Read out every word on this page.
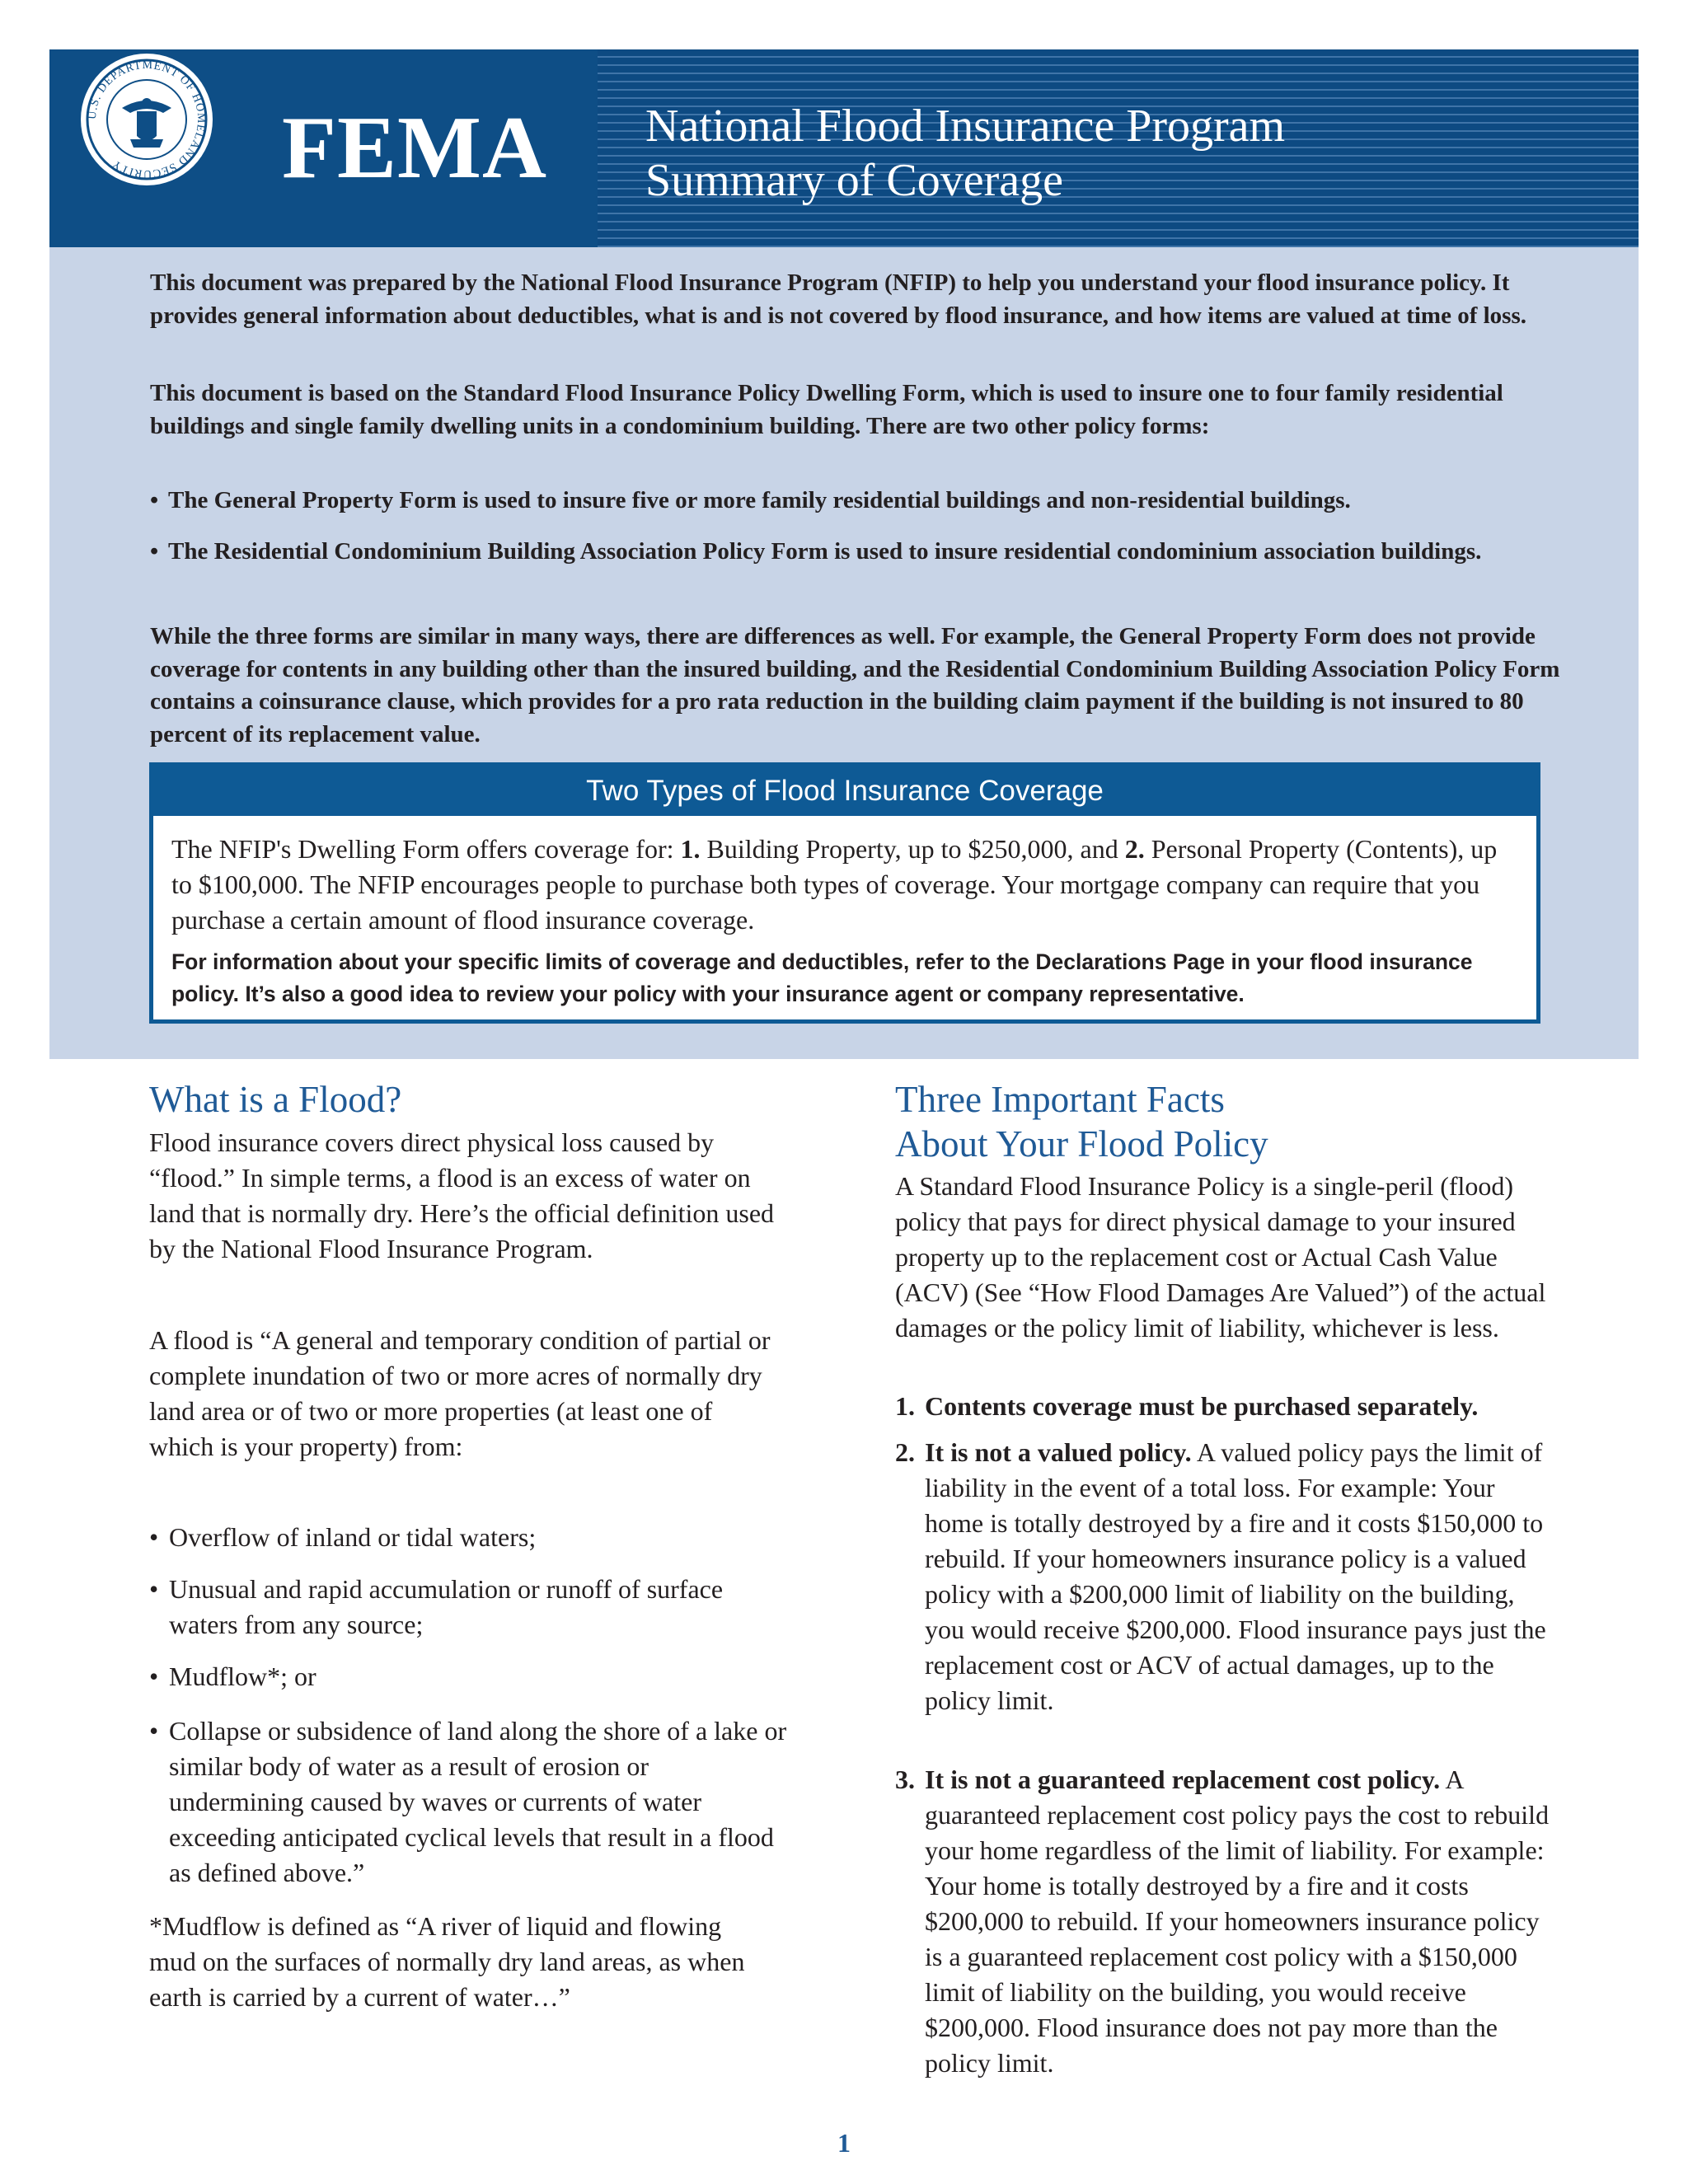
U.S. DEPARTMENT OF HOMELAND SECURITY	FEMA National Flood Insurance Program
Summary of Coverage

This document was prepared by the National Flood Insurance Program (NFIP) to help you understand your flood insurance policy. It provides general information about deductibles, what is and is not covered by flood insurance, and how items are valued at time of loss.

This document is based on the Standard Flood Insurance Policy Dwelling Form, which is used to insure one to four family residential buildings and single family dwelling units in a condominium building. There are two other policy forms:

• The General Property Form is used to insure five or more family residential buildings and non-residential buildings.
• The Residential Condominium Building Association Policy Form is used to insure residential condominium association buildings.

While the three forms are similar in many ways, there are differences as well. For example, the General Property Form does not provide coverage for contents in any building other than the insured building, and the Residential Condominium Building Association Policy Form contains a coinsurance clause, which provides for a pro rata reduction in the building claim payment if the building is not insured to 80 percent of its replacement value.

Two Types of Flood Insurance Coverage
The NFIP's Dwelling Form offers coverage for: 1. Building Property, up to $250,000, and 2. Personal Property (Contents), up to $100,000. The NFIP encourages people to purchase both types of coverage. Your mortgage company can require that you purchase a certain amount of flood insurance coverage.
For information about your specific limits of coverage and deductibles, refer to the Declarations Page in your flood insurance policy. It’s also a good idea to review your policy with your insurance agent or company representative.
What is a Flood?

Flood insurance covers direct physical loss caused by “flood.” In simple terms, a flood is an excess of water on land that is normally dry. Here’s the official definition used by the National Flood Insurance Program.

A flood is “A general and temporary condition of partial or complete inundation of two or more acres of normally dry land area or of two or more properties (at least one of which is your property) from:

• Overflow of inland or tidal waters;
• Unusual and rapid accumulation or runoff of surface waters from any source;
• Mudflow*; or
• Collapse or subsidence of land along the shore of a lake or similar body of water as a result of erosion or undermining caused by waves or currents of water exceeding anticipated cyclical levels that result in a flood as defined above.”

*Mudflow is defined as “A river of liquid and flowing mud on the surfaces of normally dry land areas, as when earth is carried by a current of water…”

Three Important Facts
About Your Flood Policy

A Standard Flood Insurance Policy is a single-peril (flood) policy that pays for direct physical damage to your insured property up to the replacement cost or Actual Cash Value (ACV) (See “How Flood Damages Are Valued”) of the actual damages or the policy limit of liability, whichever is less.

1. Contents coverage must be purchased separately.
2. It is not a valued policy. A valued policy pays the limit of liability in the event of a total loss. For example: Your home is totally destroyed by a fire and it costs $150,000 to rebuild. If your homeowners insurance policy is a valued policy with a $200,000 limit of liability on the building, you would receive $200,000. Flood insurance pays just the replacement cost or ACV of actual damages, up to the policy limit.
3. It is not a guaranteed replacement cost policy. A guaranteed replacement cost policy pays the cost to rebuild your home regardless of the limit of liability. For example: Your home is totally destroyed by a fire and it costs $200,000 to rebuild. If your homeowners insurance policy is a guaranteed replacement cost policy with a $150,000 limit of liability on the building, you would receive $200,000. Flood insurance does not pay more than the policy limit.
1
